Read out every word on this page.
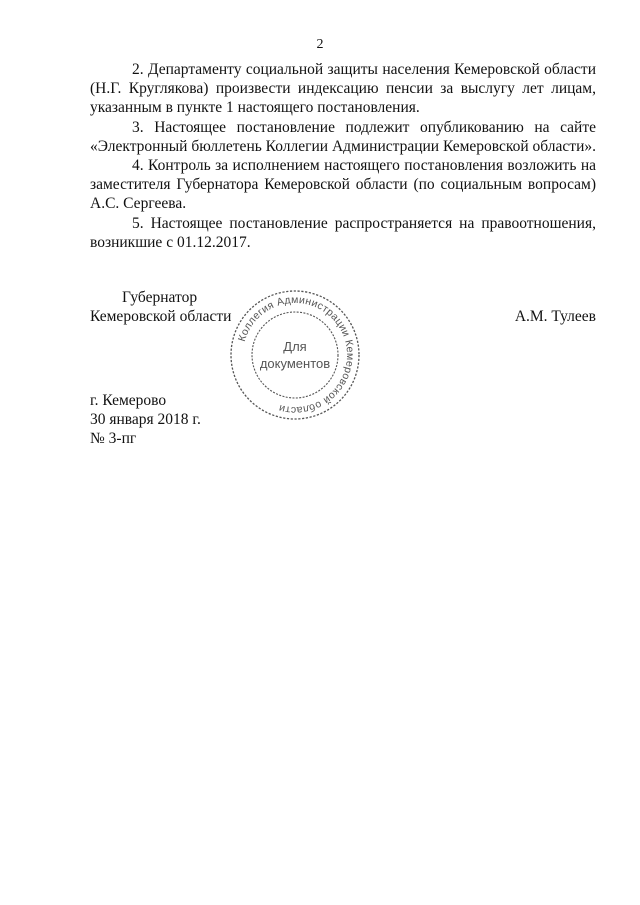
2

2. Департаменту социальной защиты населения Кемеровской области (Н.Г. Круглякова) произвести индексацию пенсии за выслугу лет лицам, указанным в пункте 1 настоящего постановления.

3. Настоящее постановление подлежит опубликованию на сайте «Электронный бюллетень Коллегии Администрации Кемеровской области».

4. Контроль за исполнением настоящего постановления возложить на заместителя Губернатора Кемеровской области (по социальным вопросам) А.С. Сергеева.

5. Настоящее постановление распространяется на правоотношения, возникшие с 01.12.2017.

Губернатор
Кемеровской области	А.М. Тулеев
Коллегия Администрации Кемеровской области
Для
документов
г. Кемерово
30 января 2018 г.
№ 3-пг
